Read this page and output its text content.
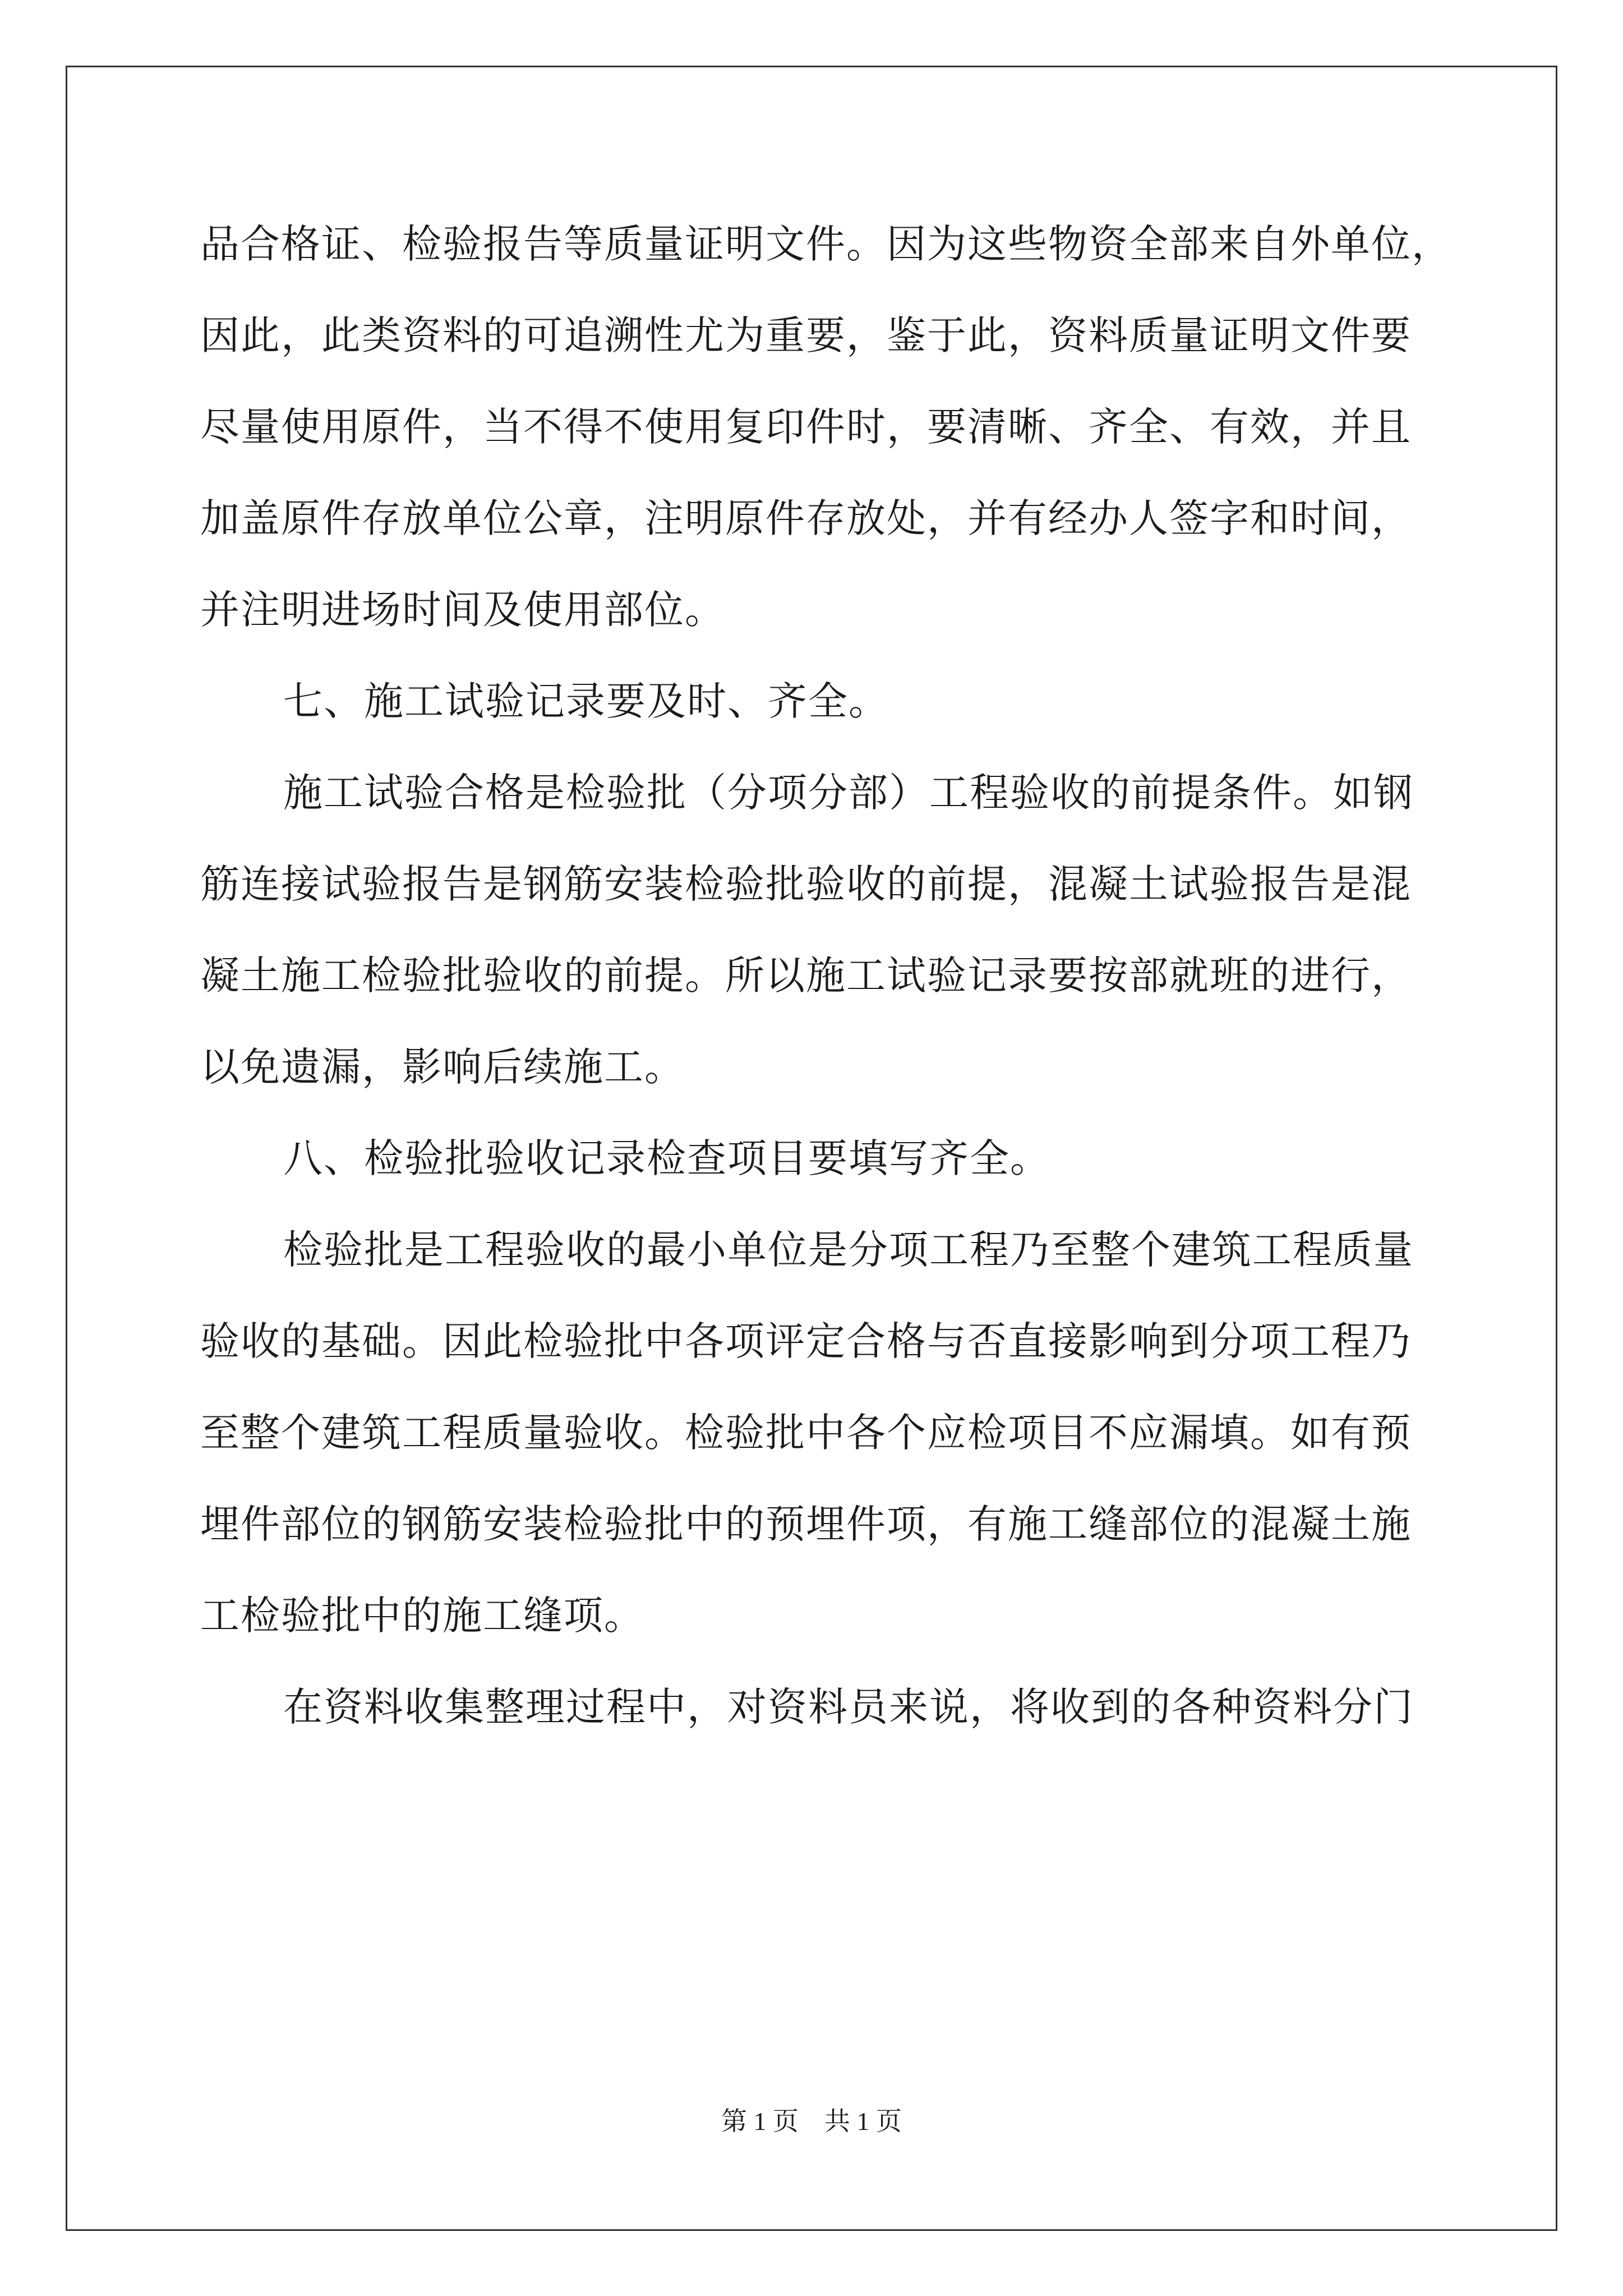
品合格证、检验报告等质量证明文件。因为这些物资全部来自外单位，
因此，此类资料的可追溯性尤为重要，鉴于此，资料质量证明文件要
尽量使用原件，当不得不使用复印件时，要清晰、齐全、有效，并且
加盖原件存放单位公章，注明原件存放处，并有经办人签字和时间，
并注明进场时间及使用部位。
七、施工试验记录要及时、齐全。
施工试验合格是检验批（分项分部）工程验收的前提条件。如钢
筋连接试验报告是钢筋安装检验批验收的前提，混凝土试验报告是混
凝土施工检验批验收的前提。所以施工试验记录要按部就班的进行，
以免遗漏，影响后续施工。
八、检验批验收记录检查项目要填写齐全。
检验批是工程验收的最小单位是分项工程乃至整个建筑工程质量
验收的基础。因此检验批中各项评定合格与否直接影响到分项工程乃
至整个建筑工程质量验收。检验批中各个应检项目不应漏填。如有预
埋件部位的钢筋安装检验批中的预埋件项，有施工缝部位的混凝土施
工检验批中的施工缝项。
在资料收集整理过程中，对资料员来说，将收到的各种资料分门
第 1 页　共 1 页
